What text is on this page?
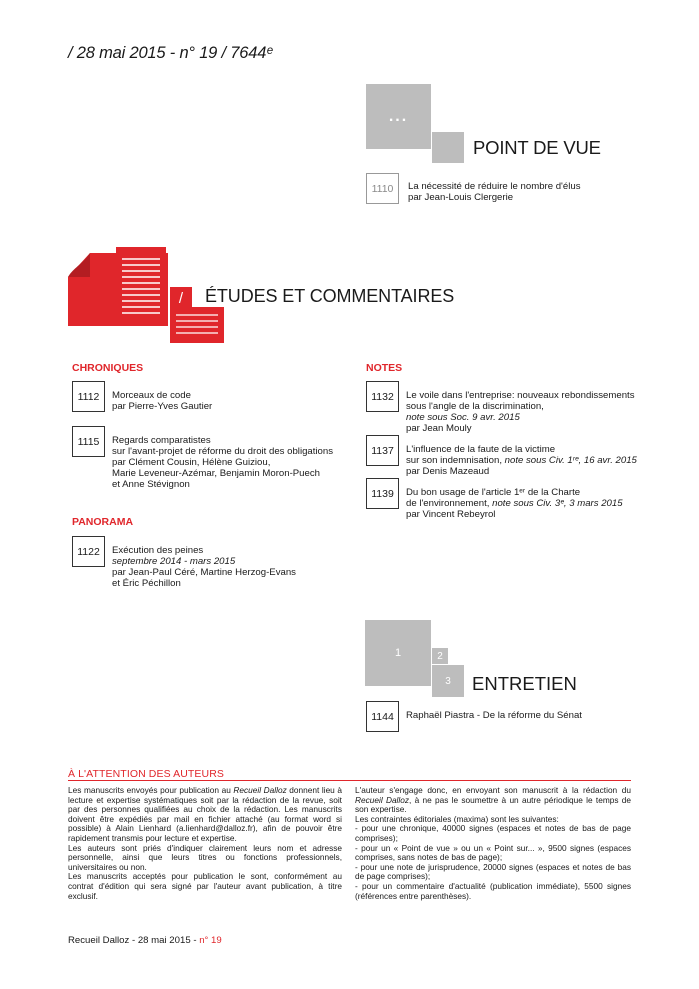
/ 28 mai 2015 - n° 19 / 7644ᵉ
...
POINT DE VUE
1110	La nécessité de réduire le nombre d'élus
par Jean-Louis Clergerie
/	ÉTUDES ET COMMENTAIRES
CHRONIQUES
1112	Morceaux de code
par Pierre-Yves Gautier
1115	Regards comparatistes
sur l'avant-projet de réforme du droit des obligations
par Clément Cousin, Hélène Guiziou,
Marie Leveneur-Azémar, Benjamin Moron-Puech
et Anne Stévignon
PANORAMA
1122	Exécution des peines
septembre 2014 - mars 2015
par Jean-Paul Céré, Martine Herzog-Evans
et Éric Péchillon
NOTES
1132	Le voile dans l'entreprise: nouveaux rebondissements
sous l'angle de la discrimination,
note sous Soc. 9 avr. 2015
par Jean Mouly
1137	L'influence de la faute de la victime
sur son indemnisation, note sous Civ. 1ʳᵉ, 16 avr. 2015
par Denis Mazeaud
1139	Du bon usage de l'article 1ᵉʳ de la Charte
de l'environnement, note sous Civ. 3ᵉ, 3 mars 2015
par Vincent Rebeyrol
1	2
3	ENTRETIEN
1144	Raphaël Piastra - De la réforme du Sénat
À L'ATTENTION DES AUTEURS

Les manuscrits envoyés pour publication au Recueil Dalloz donnent lieu à lecture et expertise systématiques soit par la rédaction de la revue, soit par des personnes qualifiées au choix de la rédaction. Les manuscrits doivent être expédiés par mail en fichier attaché (au format word si possible) à Alain Lienhard (a.lienhard@dalloz.fr), afin de pouvoir être rapidement transmis pour lecture et expertise.

Les auteurs sont priés d'indiquer clairement leurs nom et adresse personnelle, ainsi que leurs titres ou fonctions professionnels, universitaires ou non.

Les manuscrits acceptés pour publication le sont, conformément au contrat d'édition qui sera signé par l'auteur avant publication, à titre exclusif.

L'auteur s'engage donc, en envoyant son manuscrit à la rédaction du Recueil Dalloz, à ne pas le soumettre à un autre périodique le temps de son expertise.

Les contraintes éditoriales (maxima) sont les suivantes:

- pour une chronique, 40000 signes (espaces et notes de bas de page comprises);

- pour un « Point de vue » ou un « Point sur... », 9500 signes (espaces comprises, sans notes de bas de page);

- pour une note de jurisprudence, 20000 signes (espaces et notes de bas de page comprises);

- pour un commentaire d'actualité (publication immédiate), 5500 signes (références entre parenthèses).

Recueil Dalloz - 28 mai 2015 - n° 19
